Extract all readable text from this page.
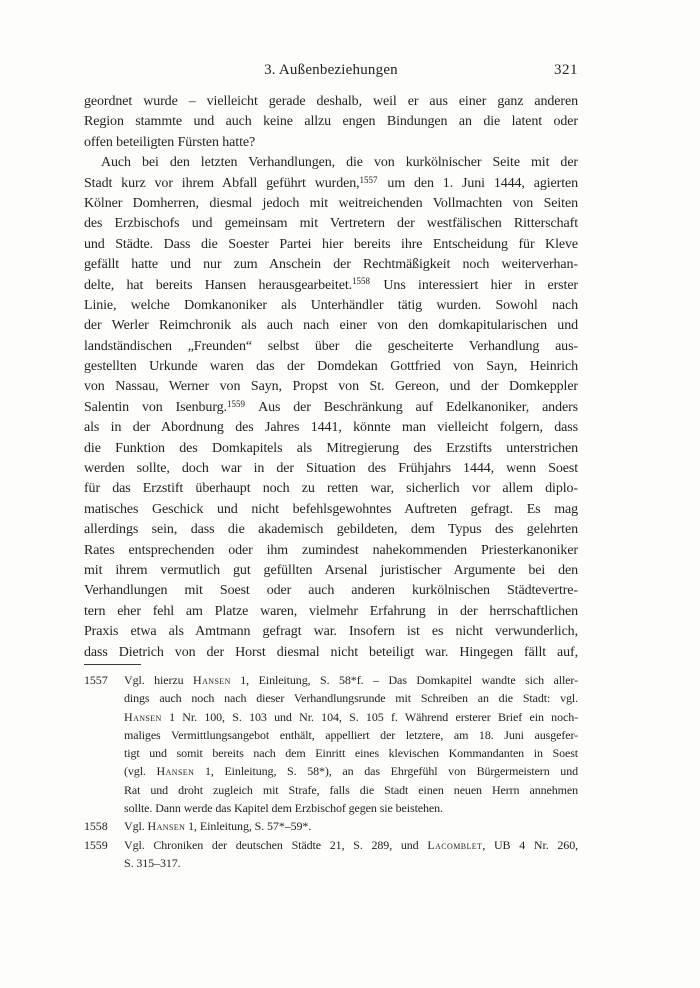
3. Außenbeziehungen	321
geordnet wurde – vielleicht gerade deshalb, weil er aus einer ganz anderen
Region stammte und auch keine allzu engen Bindungen an die latent oder
offen beteiligten Fürsten hatte?
Auch bei den letzten Verhandlungen, die von kurkölnischer Seite mit der
Stadt kurz vor ihrem Abfall geführt wurden,$^{1557}$ um den 1. Juni 1444, agierten
Kölner Domherren, diesmal jedoch mit weitreichenden Vollmachten von Seiten
des Erzbischofs und gemeinsam mit Vertretern der westfälischen Ritterschaft
und Städte. Dass die Soester Partei hier bereits ihre Entscheidung für Kleve
gefällt hatte und nur zum Anschein der Rechtmäßigkeit noch weiterverhan-
delte, hat bereits Hansen herausgearbeitet.$^{1558}$ Uns interessiert hier in erster
Linie, welche Domkanoniker als Unterhändler tätig wurden. Sowohl nach
der Werler Reimchronik als auch nach einer von den domkapitularischen und
landständischen „Freunden“ selbst über die gescheiterte Verhandlung aus-
gestellten Urkunde waren das der Domdekan Gottfried von Sayn, Heinrich
von Nassau, Werner von Sayn, Propst von St. Gereon, und der Domkeppler
Salentin von Isenburg.$^{1559}$ Aus der Beschränkung auf Edelkanoniker, anders
als in der Abordnung des Jahres 1441, könnte man vielleicht folgern, dass
die Funktion des Domkapitels als Mitregierung des Erzstifts unterstrichen
werden sollte, doch war in der Situation des Frühjahrs 1444, wenn Soest
für das Erzstift überhaupt noch zu retten war, sicherlich vor allem diplo-
matisches Geschick und nicht befehlsgewohntes Auftreten gefragt. Es mag
allerdings sein, dass die akademisch gebildeten, dem Typus des gelehrten
Rates entsprechenden oder ihm zumindest nahekommenden Priesterkanoniker
mit ihrem vermutlich gut gefüllten Arsenal juristischer Argumente bei den
Verhandlungen mit Soest oder auch anderen kurkölnischen Städtevertre-
tern eher fehl am Platze waren, vielmehr Erfahrung in der herrschaftlichen
Praxis etwa als Amtmann gefragt war. Insofern ist es nicht verwunderlich,
dass Dietrich von der Horst diesmal nicht beteiligt war. Hingegen fällt auf,
1557	Vgl. hierzu Hansen 1, Einleitung, S. 58*f. – Das Domkapitel wandte sich aller-
dings auch noch nach dieser Verhandlungsrunde mit Schreiben an die Stadt: vgl.
Hansen 1 Nr. 100, S. 103 und Nr. 104, S. 105 f. Während ersterer Brief ein noch-
maliges Vermittlungsangebot enthält, appelliert der letztere, am 18. Juni ausgefer-
tigt und somit bereits nach dem Einritt eines klevischen Kommandanten in Soest
(vgl. Hansen 1, Einleitung, S. 58*), an das Ehrgefühl von Bürgermeistern und
Rat und droht zugleich mit Strafe, falls die Stadt einen neuen Herrn annehmen
sollte. Dann werde das Kapitel dem Erzbischof gegen sie beistehen.
1558	Vgl. Hansen 1, Einleitung, S. 57*–59*.
1559	Vgl. Chroniken der deutschen Städte 21, S. 289, und Lacomblet, UB 4 Nr. 260,
S. 315–317.
